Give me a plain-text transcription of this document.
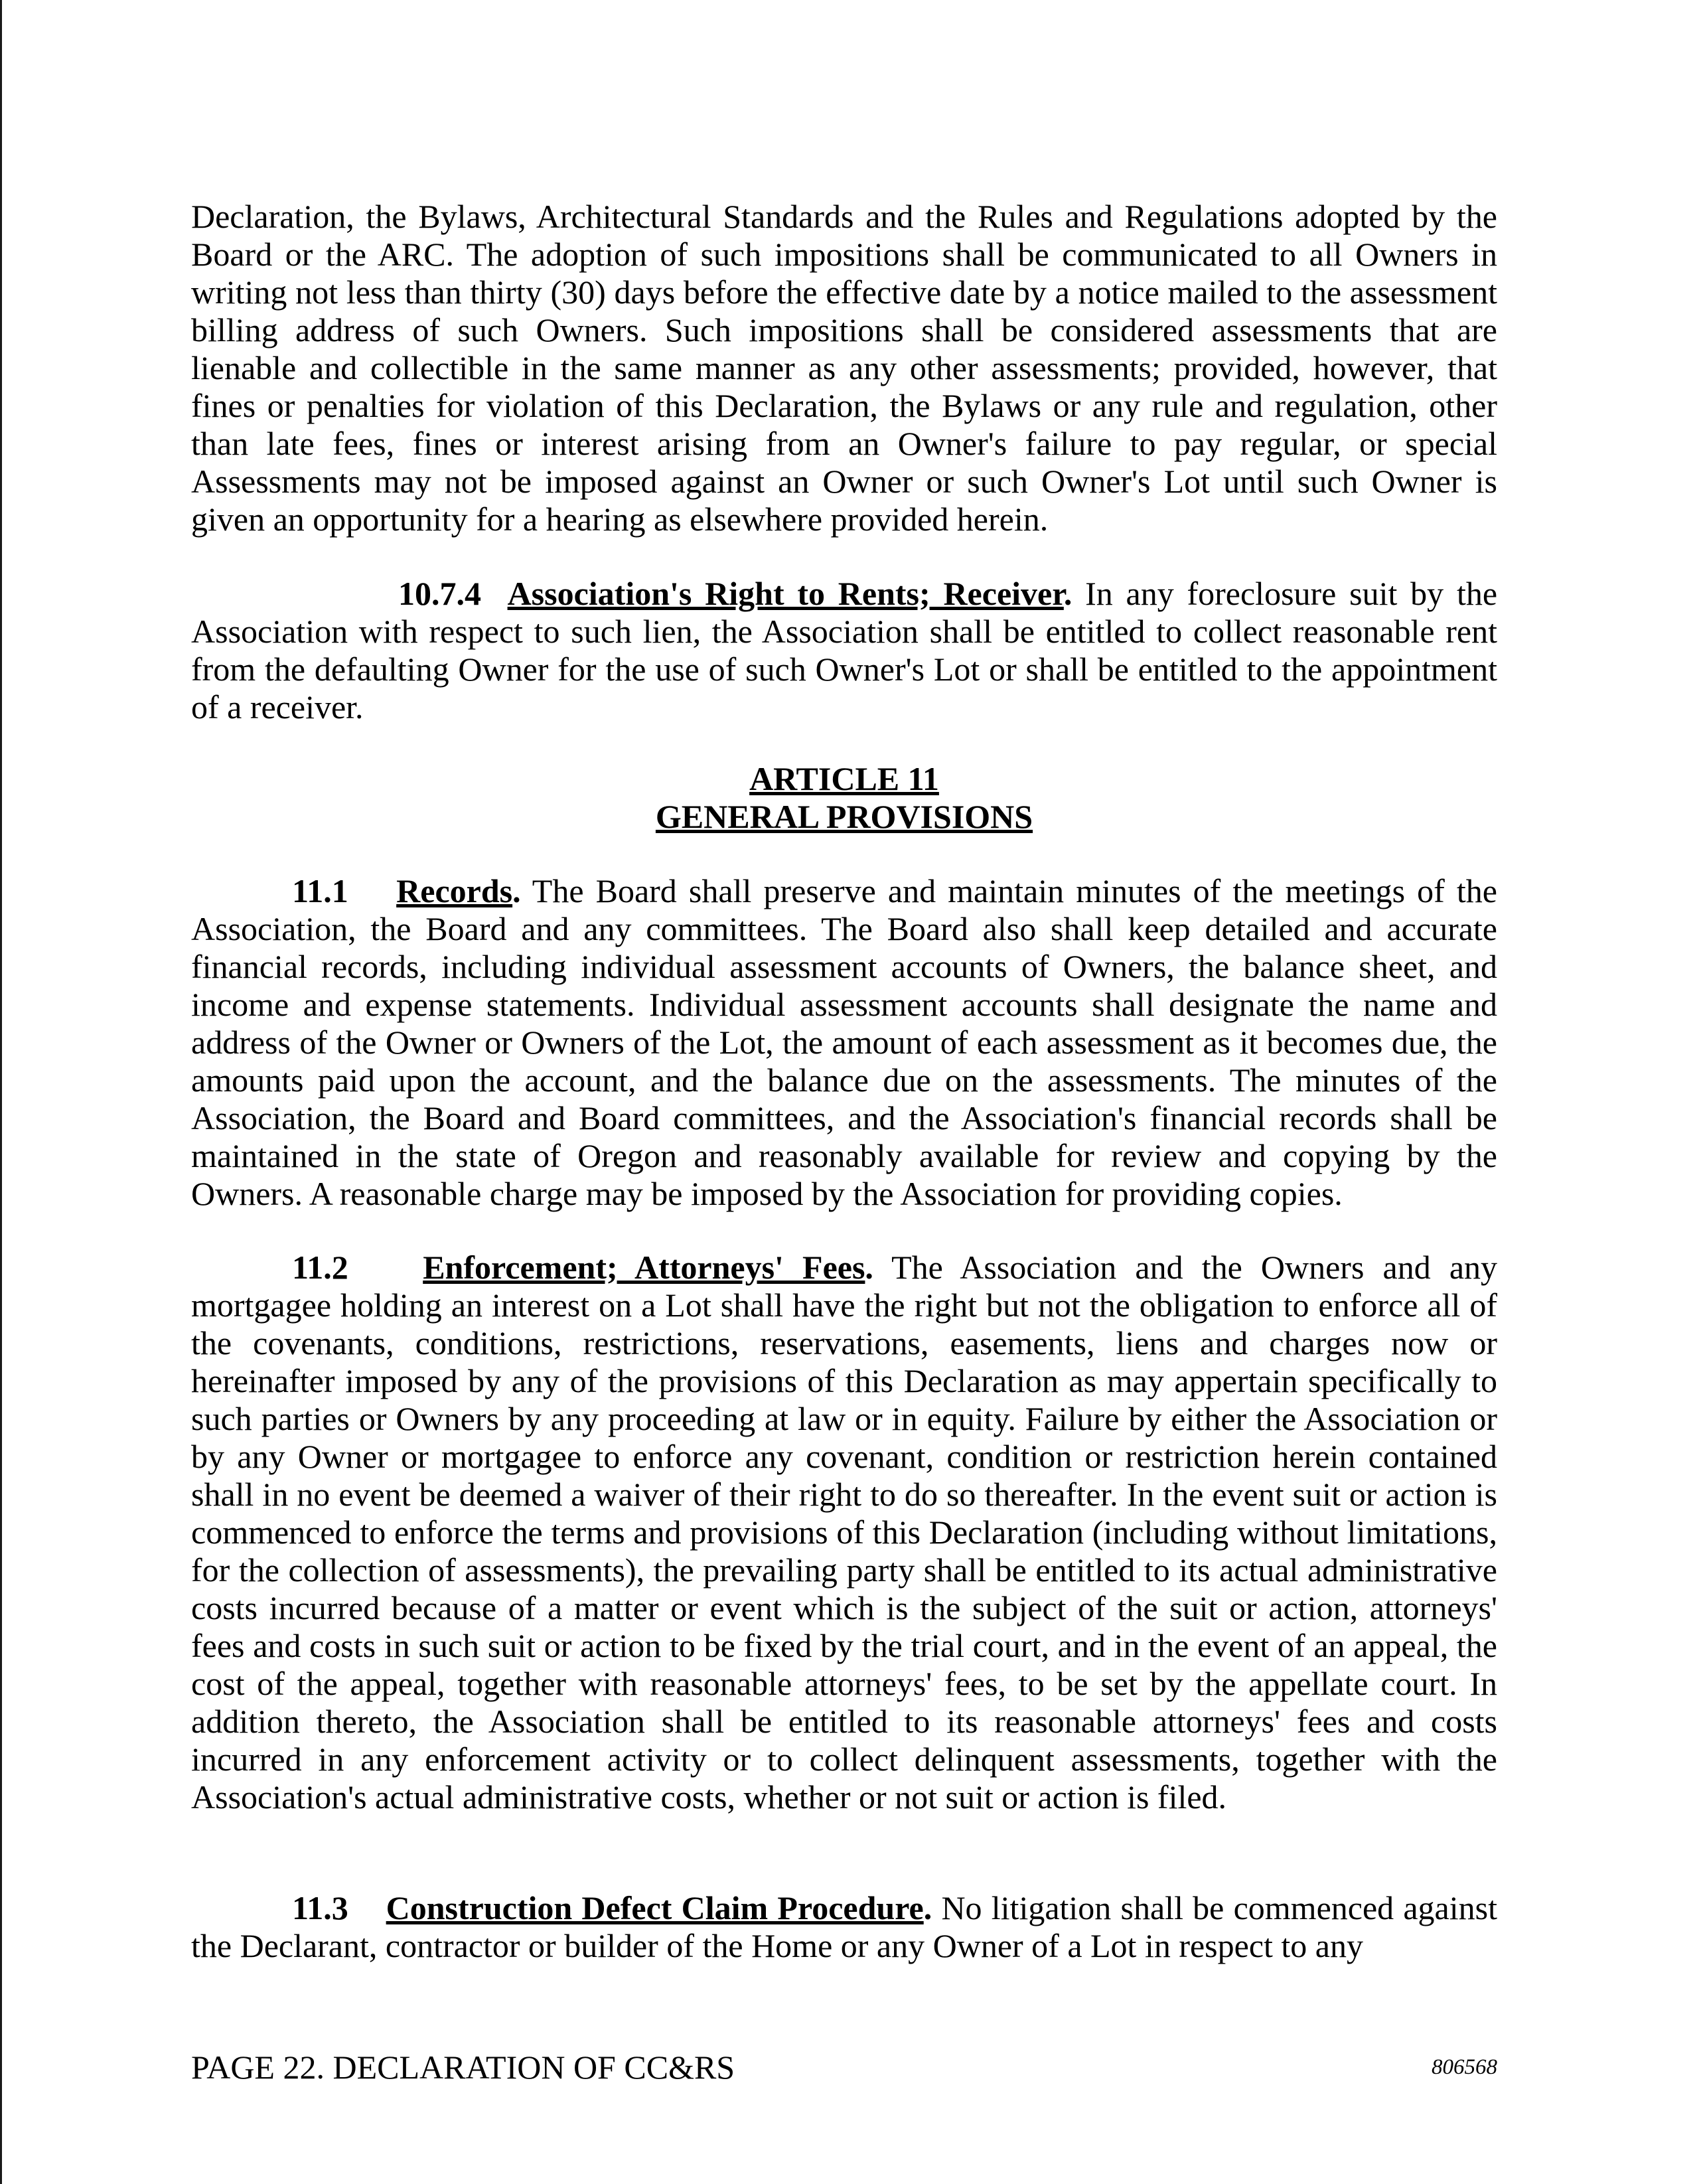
Declaration, the Bylaws, Architectural Standards and the Rules and Regulations adopted by the Board or the ARC. The adoption of such impositions shall be communicated to all Owners in writing not less than thirty (30) days before the effective date by a notice mailed to the assessment billing address of such Owners. Such impositions shall be considered assessments that are lienable and collectible in the same manner as any other assessments; provided, however, that fines or penalties for violation of this Declaration, the Bylaws or any rule and regulation, other than late fees, fines or interest arising from an Owner's failure to pay regular, or special Assessments may not be imposed against an Owner or such Owner's Lot until such Owner is given an opportunity for a hearing as elsewhere provided herein.

10.7.4 Association's Right to Rents; Receiver. In any foreclosure suit by the Association with respect to such lien, the Association shall be entitled to collect reasonable rent from the defaulting Owner for the use of such Owner's Lot or shall be entitled to the appointment of a receiver.

ARTICLE 11
GENERAL PROVISIONS

11.1 Records. The Board shall preserve and maintain minutes of the meetings of the Association, the Board and any committees. The Board also shall keep detailed and accurate financial records, including individual assessment accounts of Owners, the balance sheet, and income and expense statements. Individual assessment accounts shall designate the name and address of the Owner or Owners of the Lot, the amount of each assessment as it becomes due, the amounts paid upon the account, and the balance due on the assessments. The minutes of the Association, the Board and Board committees, and the Association's financial records shall be maintained in the state of Oregon and reasonably available for review and copying by the Owners. A reasonable charge may be imposed by the Association for providing copies.

11.2 Enforcement; Attorneys' Fees. The Association and the Owners and any mortgagee holding an interest on a Lot shall have the right but not the obligation to enforce all of the covenants, conditions, restrictions, reservations, easements, liens and charges now or hereinafter imposed by any of the provisions of this Declaration as may appertain specifically to such parties or Owners by any proceeding at law or in equity. Failure by either the Association or by any Owner or mortgagee to enforce any covenant, condition or restriction herein contained shall in no event be deemed a waiver of their right to do so thereafter. In the event suit or action is commenced to enforce the terms and provisions of this Declaration (including without limitations, for the collection of assessments), the prevailing party shall be entitled to its actual administrative costs incurred because of a matter or event which is the subject of the suit or action, attorneys' fees and costs in such suit or action to be fixed by the trial court, and in the event of an appeal, the cost of the appeal, together with reasonable attorneys' fees, to be set by the appellate court. In addition thereto, the Association shall be entitled to its reasonable attorneys' fees and costs incurred in any enforcement activity or to collect delinquent assessments, together with the Association's actual administrative costs, whether or not suit or action is filed.

11.3 Construction Defect Claim Procedure. No litigation shall be commenced against the Declarant, contractor or builder of the Home or any Owner of a Lot in respect to any

PAGE 22. DECLARATION OF CC&RS	806568
